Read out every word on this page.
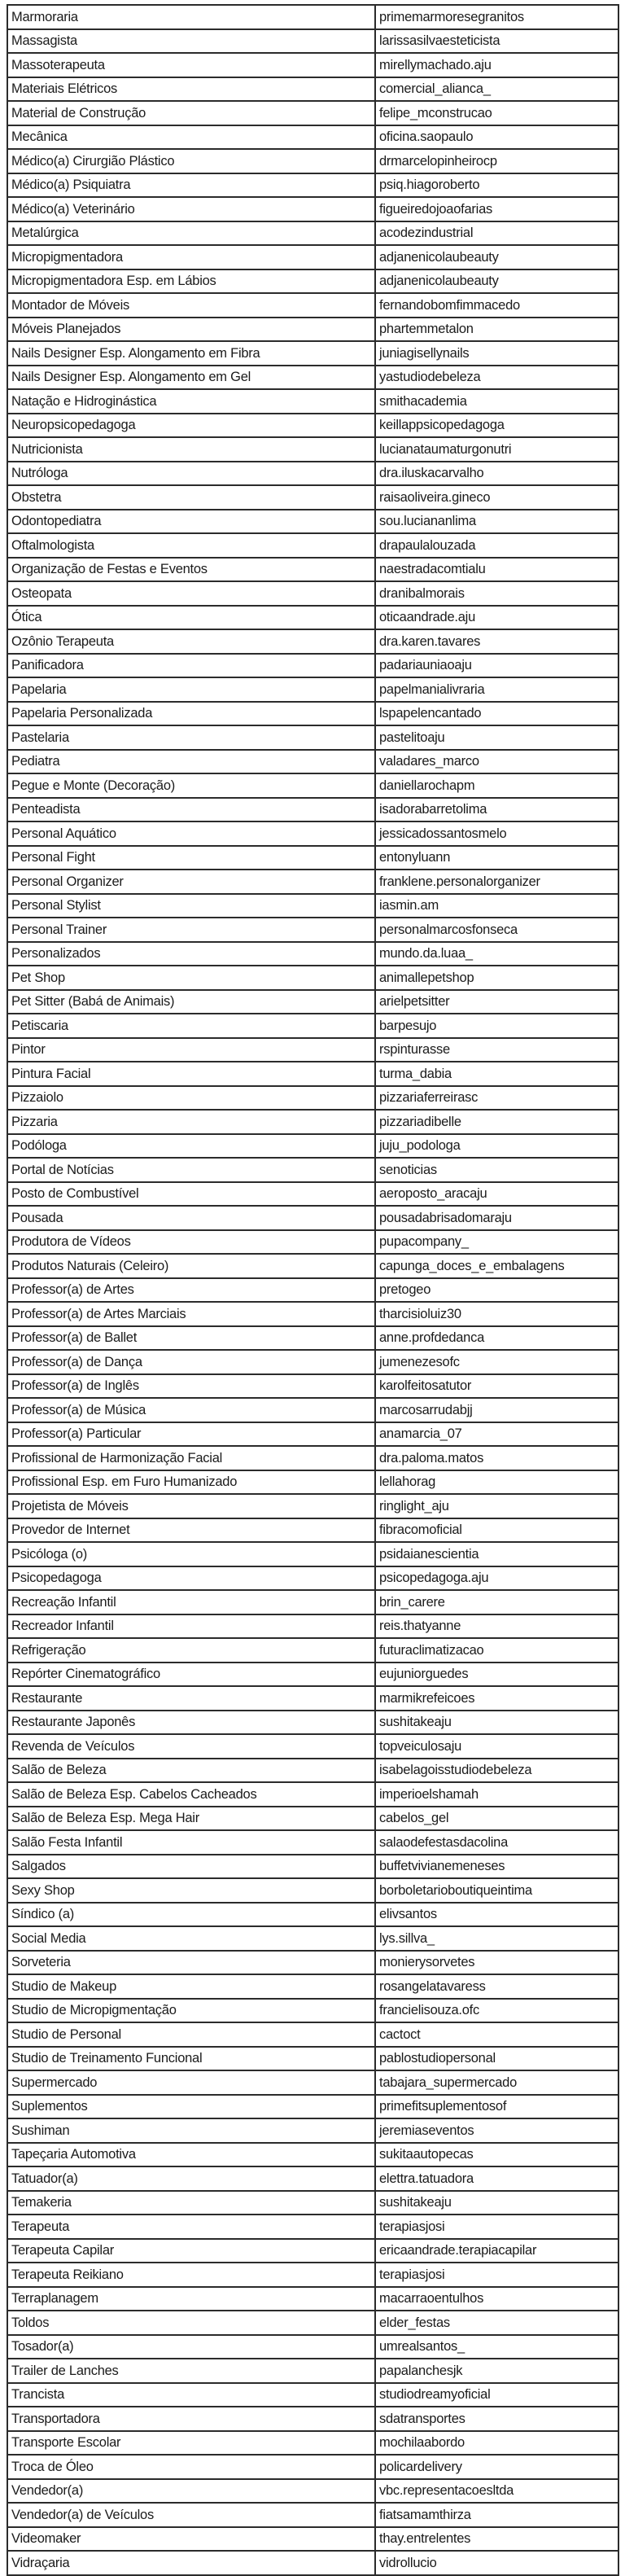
Marmoraria	primemarmoresegranitos
Massagista	larissasilvaesteticista
Massoterapeuta	mirellymachado.aju
Materiais Elétricos	comercial_alianca_
Material de Construção	felipe_mconstrucao
Mecânica	oficina.saopaulo
Médico(a) Cirurgião Plástico	drmarcelopinheirocp
Médico(a) Psiquiatra	psiq.hiagoroberto
Médico(a) Veterinário	figueiredojoaofarias
Metalúrgica	acodezindustrial
Micropigmentadora	adjanenicolaubeauty
Micropigmentadora Esp. em Lábios	adjanenicolaubeauty
Montador de Móveis	fernandobomfimmacedo
Móveis Planejados	phartemmetalon
Nails Designer Esp. Alongamento em Fibra	juniagisellynails
Nails Designer Esp. Alongamento em Gel	yastudiodebeleza
Natação e Hidroginástica	smithacademia
Neuropsicopedagoga	keillappsicopedagoga
Nutricionista	lucianataumaturgonutri
Nutróloga	dra.iluskacarvalho
Obstetra	raisaoliveira.gineco
Odontopediatra	sou.luciananlima
Oftalmologista	drapaulalouzada
Organização de Festas e Eventos	naestradacomtialu
Osteopata	dranibalmorais
Ótica	oticaandrade.aju
Ozônio Terapeuta	dra.karen.tavares
Panificadora	padariauniaoaju
Papelaria	papelmanialivraria
Papelaria Personalizada	lspapelencantado
Pastelaria	pastelitoaju
Pediatra	valadares_marco
Pegue e Monte (Decoração)	daniellarochapm
Penteadista	isadorabarretolima
Personal Aquático	jessicadossantosmelo
Personal Fight	entonyluann
Personal Organizer	franklene.personalorganizer
Personal Stylist	iasmin.am
Personal Trainer	personalmarcosfonseca
Personalizados	mundo.da.luaa_
Pet Shop	animallepetshop
Pet Sitter (Babá de Animais)	arielpetsitter
Petiscaria	barpesujo
Pintor	rspinturasse
Pintura Facial	turma_dabia
Pizzaiolo	pizzariaferreirasc
Pizzaria	pizzariadibelle
Podóloga	juju_podologa
Portal de Notícias	senoticias
Posto de Combustível	aeroposto_aracaju
Pousada	pousadabrisadomaraju
Produtora de Vídeos	pupacompany_
Produtos Naturais (Celeiro)	capunga_doces_e_embalagens
Professor(a) de Artes	pretogeo
Professor(a) de Artes Marciais	tharcisioluiz30
Professor(a) de Ballet	anne.profdedanca
Professor(a) de Dança	jumenezesofc
Professor(a) de Inglês	karolfeitosatutor
Professor(a) de Música	marcosarrudabjj
Professor(a) Particular	anamarcia_07
Profissional de Harmonização Facial	dra.paloma.matos
Profissional Esp. em Furo Humanizado	lellahorag
Projetista de Móveis	ringlight_aju
Provedor de Internet	fibracomoficial
Psicóloga (o)	psidaianescientia
Psicopedagoga	psicopedagoga.aju
Recreação Infantil	brin_carere
Recreador Infantil	reis.thatyanne
Refrigeração	futuraclimatizacao
Repórter Cinematográfico	eujuniorguedes
Restaurante	marmikrefeicoes
Restaurante Japonês	sushitakeaju
Revenda de Veículos	topveiculosaju
Salão de Beleza	isabelagoisstudiodebeleza
Salão de Beleza Esp. Cabelos Cacheados	imperioelshamah
Salão de Beleza Esp. Mega Hair	cabelos_gel
Salão Festa Infantil	salaodefestasdacolina
Salgados	buffetvivianemeneses
Sexy Shop	borboletarioboutiqueintima
Síndico (a)	elivsantos
Social Media	lys.sillva_
Sorveteria	monierysorvetes
Studio de Makeup	rosangelatavaress
Studio de Micropigmentação	francielisouza.ofc
Studio de Personal	cactoct
Studio de Treinamento Funcional	pablostudiopersonal
Supermercado	tabajara_supermercado
Suplementos	primefitsuplementosof
Sushiman	jeremiaseventos
Tapeçaria Automotiva	sukitaautopecas
Tatuador(a)	elettra.tatuadora
Temakeria	sushitakeaju
Terapeuta	terapiasjosi
Terapeuta Capilar	ericaandrade.terapiacapilar
Terapeuta Reikiano	terapiasjosi
Terraplanagem	macarraoentulhos
Toldos	elder_festas
Tosador(a)	umrealsantos_
Trailer de Lanches	papalanchesjk
Trancista	studiodreamyoficial
Transportadora	sdatransportes
Transporte Escolar	mochilaabordo
Troca de Óleo	policardelivery
Vendedor(a)	vbc.representacoesltda
Vendedor(a) de Veículos	fiatsamamthirza
Videomaker	thay.entrelentes
Vidraçaria	vidrollucio
